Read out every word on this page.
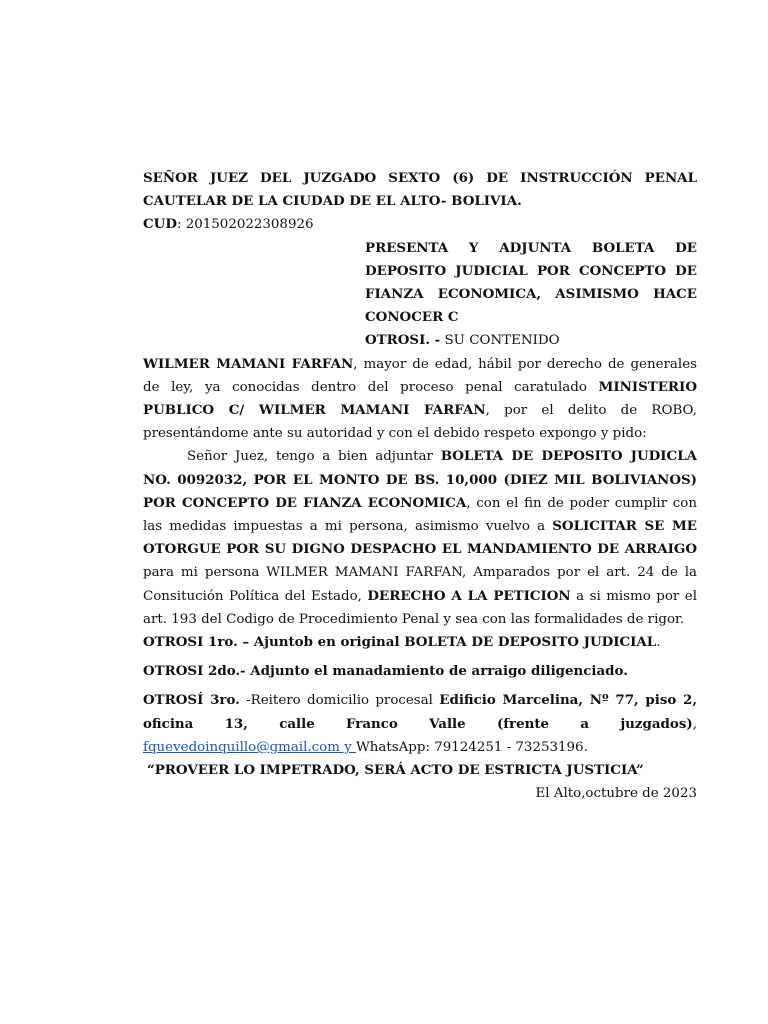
SEÑOR JUEZ DEL JUZGADO SEXTO (6) DE INSTRUCCIÓN PENAL

CAUTELAR DE LA CIUDAD DE EL ALTO- BOLIVIA.

CUD: 201502022308926

PRESENTA Y ADJUNTA BOLETA DE
DEPOSITO JUDICIAL POR CONCEPTO DE
FIANZA ECONOMICA, ASIMISMO HACE
CONOCER C

OTROSI. - SU CONTENIDO

WILMER MAMANI FARFAN, mayor de edad, hábil por derecho de generales de ley, ya conocidas dentro del proceso penal caratulado MINISTERIO PUBLICO C/ WILMER MAMANI FARFAN, por el delito de ROBO, presentándome ante su autoridad y con el debido respeto expongo y pido:

Señor Juez, tengo a bien adjuntar BOLETA DE DEPOSITO JUDICLA NO. 0092032, POR EL MONTO DE BS. 10,000 (DIEZ MIL BOLIVIANOS) POR CONCEPTO DE FIANZA ECONOMICA, con el fin de poder cumplir con las medidas impuestas a mi persona, asimismo vuelvo a SOLICITAR SE ME OTORGUE POR SU DIGNO DESPACHO EL MANDAMIENTO DE ARRAIGO para mi persona WILMER MAMANI FARFAN, Amparados por el art. 24 de la Consitución Política del Estado, DERECHO A LA PETICION a si mismo por el art. 193 del Codigo de Procedimiento Penal y sea con las formalidades de rigor.

OTROSI 1ro. – Ajuntob en original BOLETA DE DEPOSITO JUDICIAL.

OTROSI 2do.- Adjunto el manadamiento de arraigo diligenciado.

OTROSÍ 3ro. -Reitero domicilio procesal Edificio Marcelina, Nº 77, piso 2, oficina 13, calle Franco Valle (frente a juzgados), fquevedoinquillo@gmail.com y WhatsApp: 79124251 - 73253196.

“PROVEER LO IMPETRADO, SERÁ ACTO DE ESTRICTA JUSTICIA”

El Alto,octubre de 2023
